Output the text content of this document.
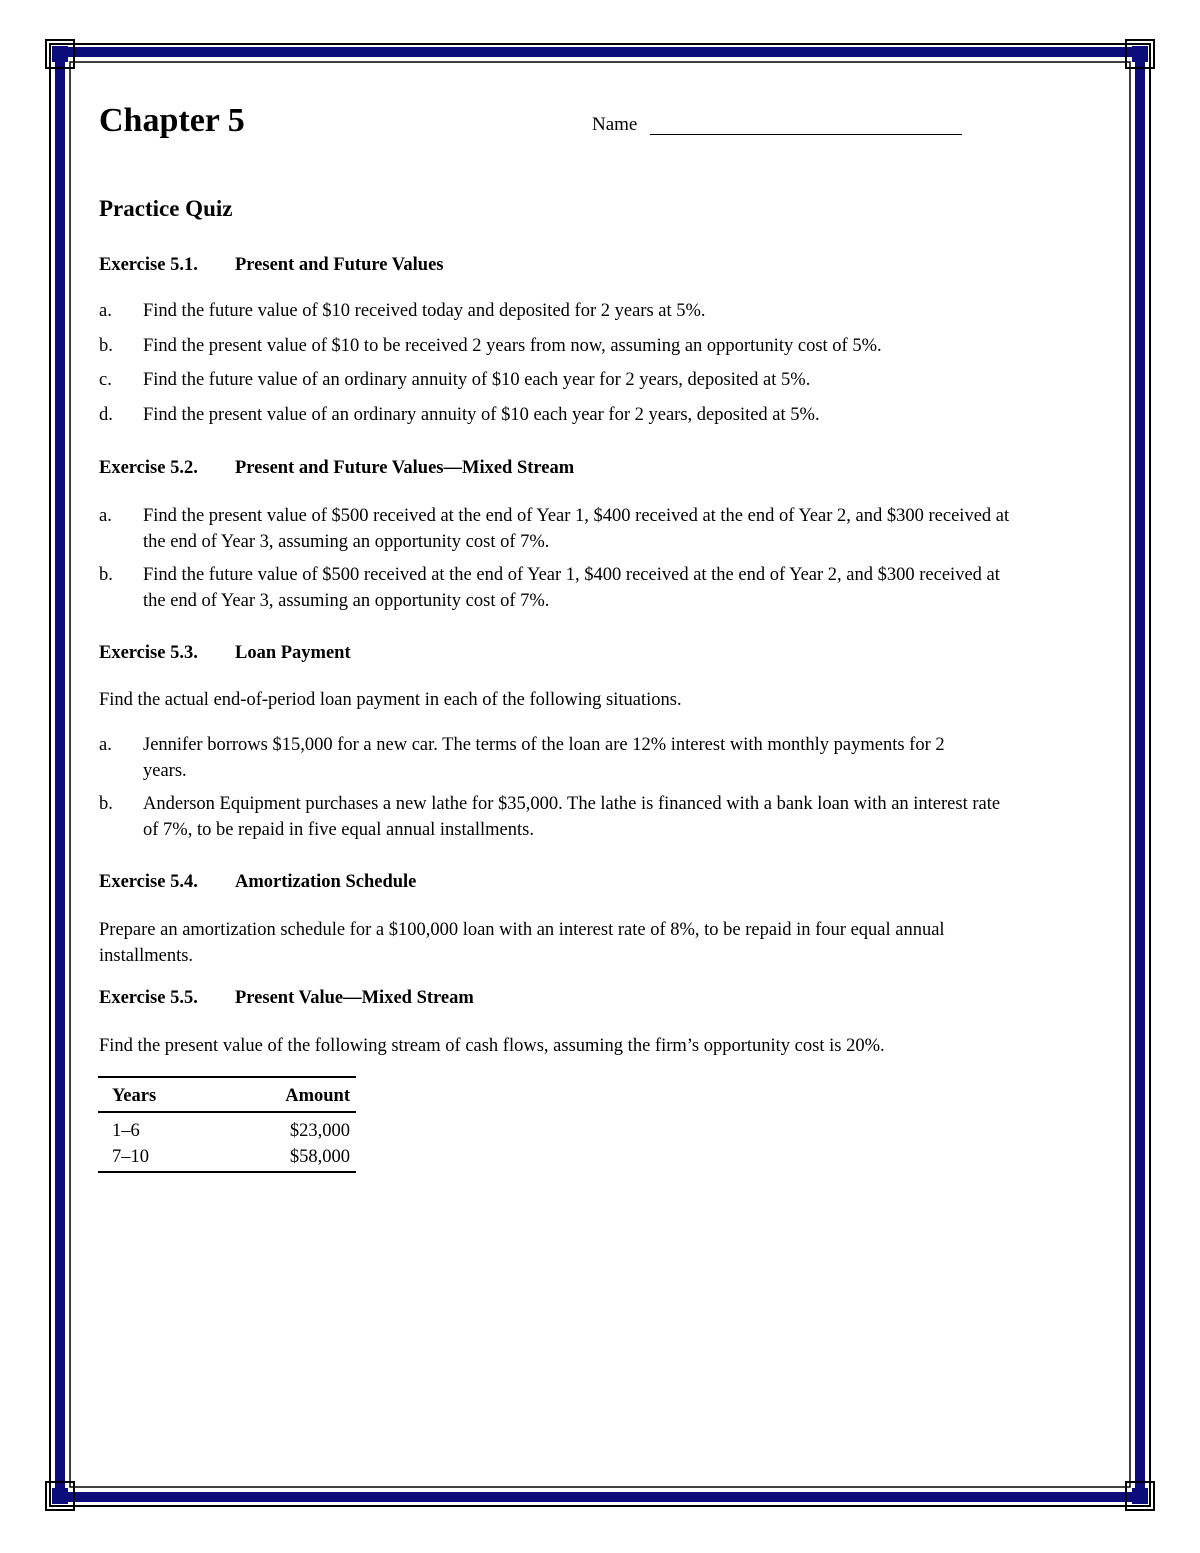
Chapter 5	Name
Practice Quiz
Exercise 5.1. Present and Future Values
a. Find the future value of $10 received today and deposited for 2 years at 5%.
b. Find the present value of $10 to be received 2 years from now, assuming an opportunity cost of 5%.
c. Find the future value of an ordinary annuity of $10 each year for 2 years, deposited at 5%.
d. Find the present value of an ordinary annuity of $10 each year for 2 years, deposited at 5%.
Exercise 5.2. Present and Future Values—Mixed Stream
a. Find the present value of $500 received at the end of Year 1, $400 received at the end of Year 2, and $300 received at the end of Year 3, assuming an opportunity cost of 7%.
b. Find the future value of $500 received at the end of Year 1, $400 received at the end of Year 2, and $300 received at the end of Year 3, assuming an opportunity cost of 7%.
Exercise 5.3. Loan Payment

Find the actual end-of-period loan payment in each of the following situations.

a. Jennifer borrows $15,000 for a new car. The terms of the loan are 12% interest with monthly payments for 2 years.
b. Anderson Equipment purchases a new lathe for $35,000. The lathe is financed with a bank loan with an interest rate of 7%, to be repaid in five equal annual installments.
Exercise 5.4. Amortization Schedule

Prepare an amortization schedule for a $100,000 loan with an interest rate of 8%, to be repaid in four equal annual installments.

Exercise 5.5. Present Value—Mixed Stream

Find the present value of the following stream of cash flows, assuming the firm’s opportunity cost is 20%.

Years	Amount
1–6	$23,000
7–10	$58,000
